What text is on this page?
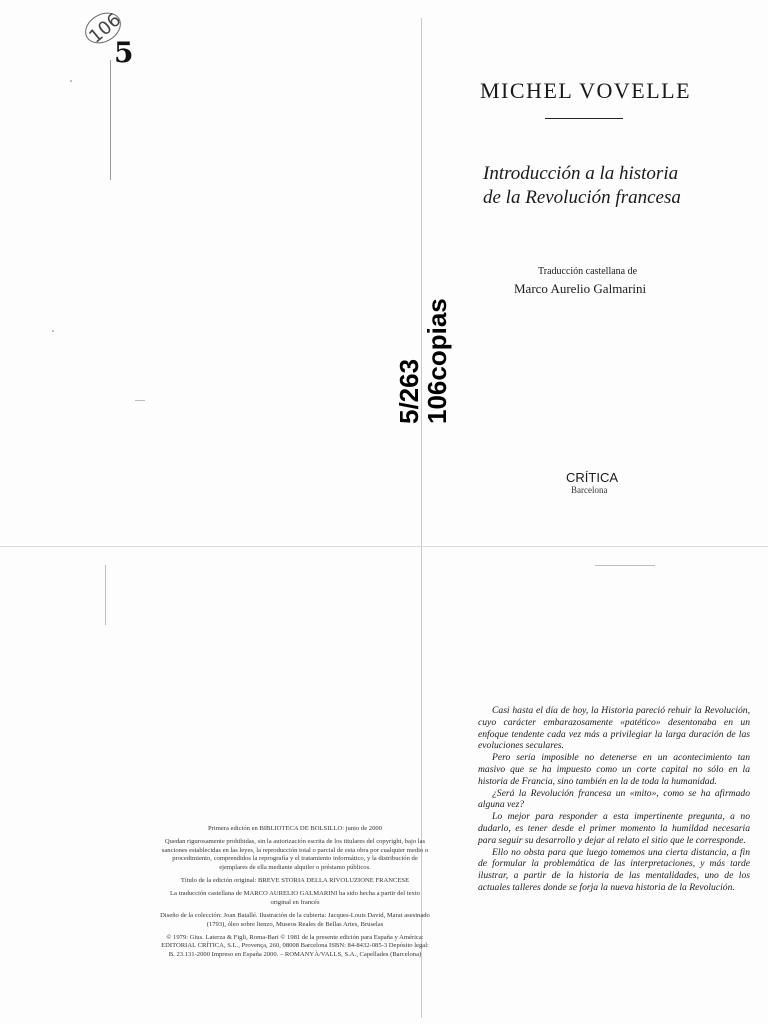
106
5
106copias
5/263
MICHEL VOVELLE
Introducción a la historia
de la Revolución francesa
Traducción castellana de
Marco Aurelio Galmarini
CRÍTICA
Barcelona

Primera edición en BIBLIOTECA DE BOLSILLO: junio de 2000

Quedan rigurosamente prohibidas, sin la autorización escrita de los titulares del copyright, bajo las sanciones establecidas en las leyes, la reproducción total o parcial de esta obra por cualquier medio o procedimiento, comprendidos la reprografía y el tratamiento informático, y la distribución de ejemplares de ella mediante alquiler o préstamo públicos.

Título de la edición original: BREVE STORIA DELLA RIVOLUZIONE FRANCESE

La traducción castellana de MARCO AURELIO GALMARINI ha sido hecha a partir del texto original en francés

Diseño de la colección: Joan Batallé. Ilustración de la cubierta: Jacques-Louis David, Marat asesinado (1793), óleo sobre lienzo, Museos Reales de Bellas Artes, Bruselas

© 1979: Gius. Laterza & Figli, Roma-Bari © 1981 de la presente edición para España y América: EDITORIAL CRÍTICA, S.L., Provença, 260, 08008 Barcelona ISBN: 84-8432-085-3 Depósito legal: B. 23.131-2000 Impreso en España 2000. – ROMANYÀ/VALLS, S.A., Capellades (Barcelona)

Casi hasta el día de hoy, la Historia pareció rehuir la Revolución, cuyo carácter embarazosamente «patético» desentonaba en un enfoque tendente cada vez más a privilegiar la larga duración de las evoluciones seculares.

Pero sería imposible no detenerse en un acontecimiento tan masivo que se ha impuesto como un corte capital no sólo en la historia de Francia, sino también en la de toda la humanidad.

¿Será la Revolución francesa un «mito», como se ha afirmado alguna vez?

Lo mejor para responder a esta impertinente pregunta, a no dudarlo, es tener desde el primer momento la humildad necesaria para seguir su desarrollo y dejar al relato el sitio que le corresponde.

Ello no obsta para que luego tomemos una cierta distancia, a fin de formular la problemática de las interpretaciones, y más tarde ilustrar, a partir de la historia de las mentalidades, uno de los actuales talleres donde se forja la nueva historia de la Revolución.
